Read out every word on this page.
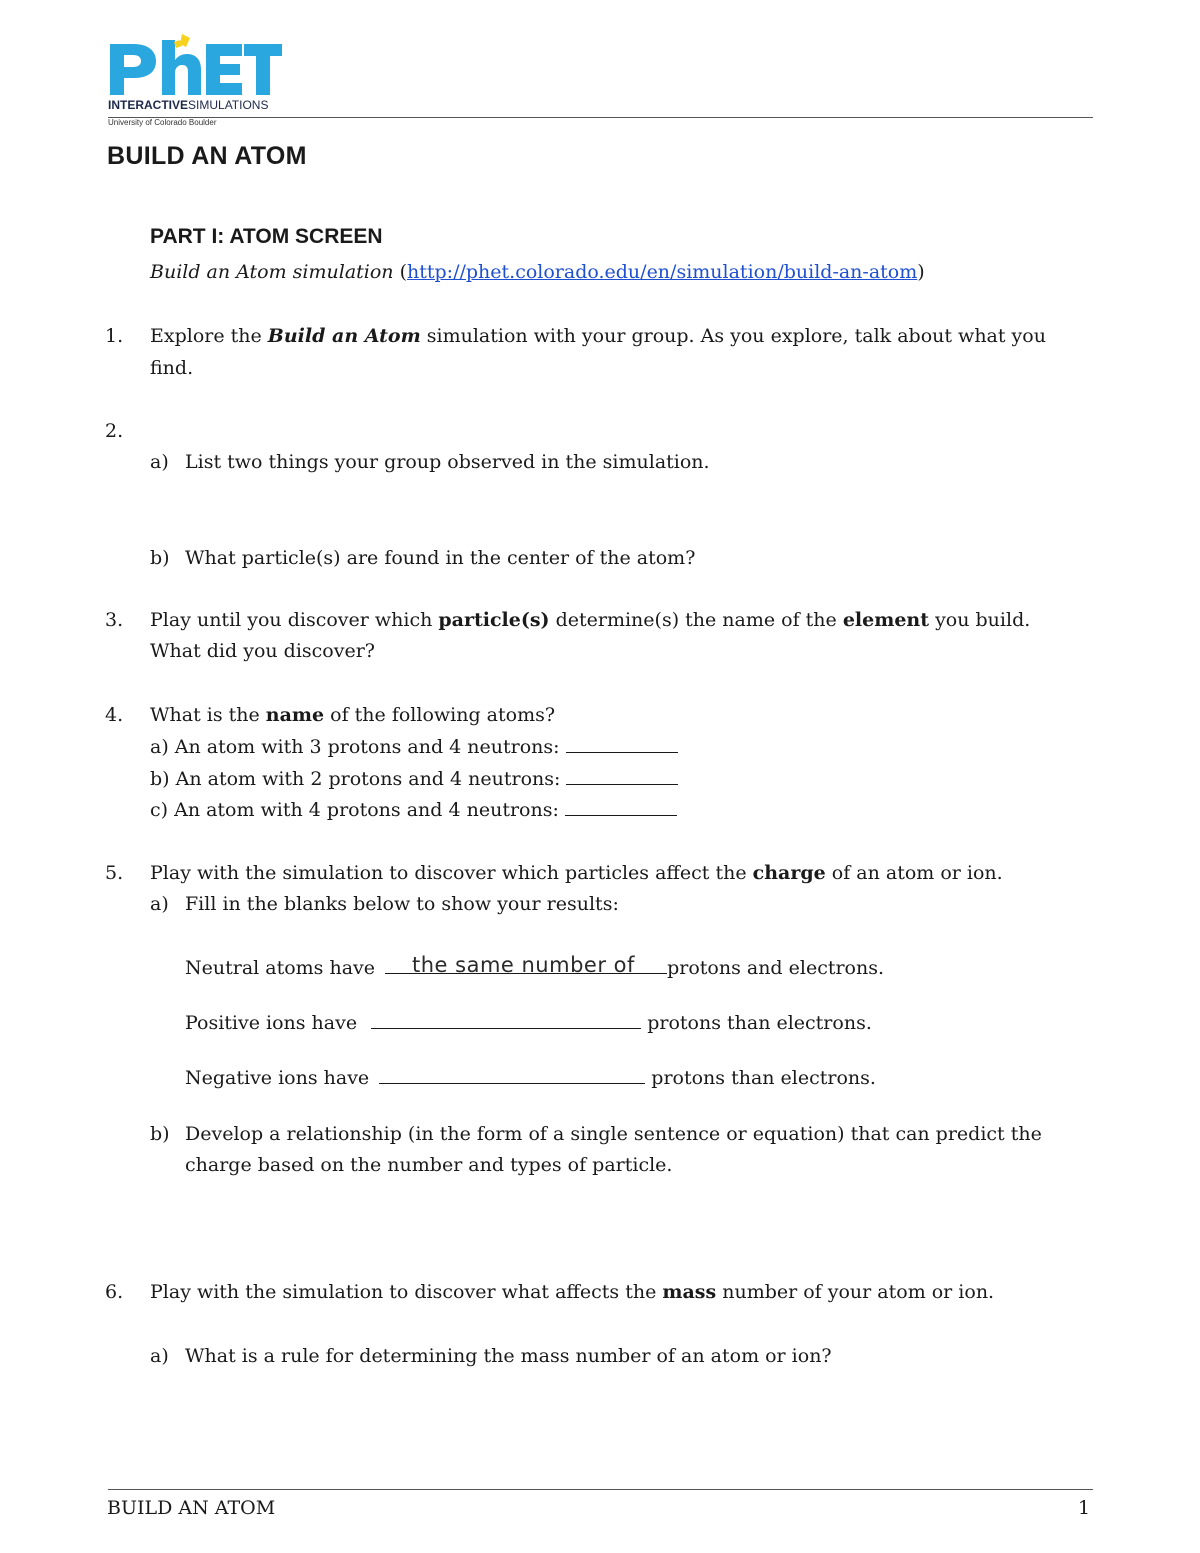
INTERACTIVESIMULATIONS
University of Colorado Boulder
BUILD AN ATOM
PART I: ATOM SCREEN
Build an Atom simulation (http://phet.colorado.edu/en/simulation/build-an-atom)
1. Explore the Build an Atom simulation with your group. As you explore, talk about what you
find.
2.
a) List two things your group observed in the simulation.
b) What particle(s) are found in the center of the atom?
3. Play until you discover which particle(s) determine(s) the name of the element you build.
What did you discover?
4. What is the name of the following atoms?
a) An atom with 3 protons and 4 neutrons:
b) An atom with 2 protons and 4 neutrons:
c) An atom with 4 protons and 4 neutrons:
5. Play with the simulation to discover which particles affect the charge of an atom or ion.
a) Fill in the blanks below to show your results:
Neutral atoms have	protons and electrons.
the same number of
Positive ions have	protons than electrons.
Negative ions have	protons than electrons.
b) Develop a relationship (in the form of a single sentence or equation) that can predict the
charge based on the number and types of particle.
6. Play with the simulation to discover what affects the mass number of your atom or ion.
a) What is a rule for determining the mass number of an atom or ion?
BUILD AN ATOM	1
